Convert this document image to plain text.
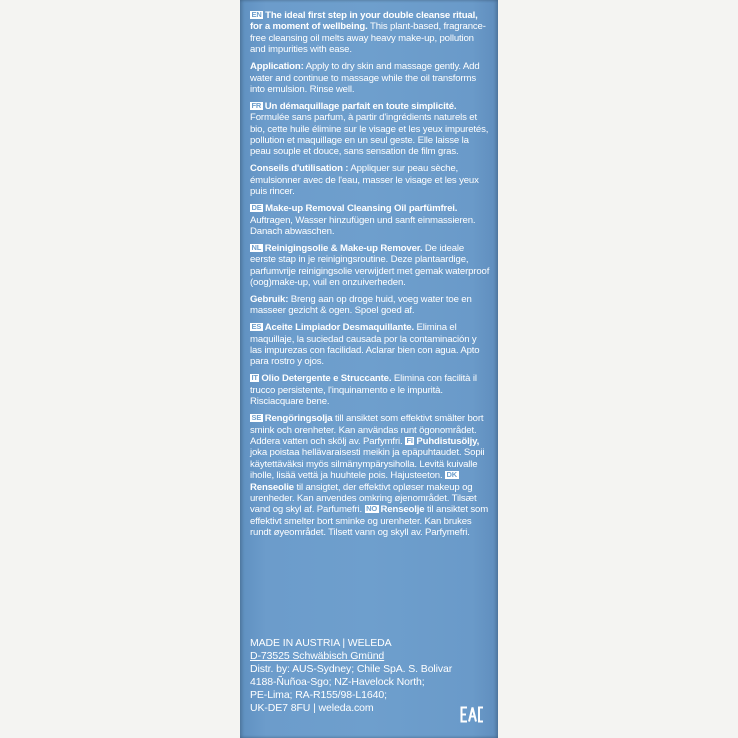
EN The ideal first step in your double cleanse ritual, for a moment of wellbeing. This plant-based, fragrance-free cleansing oil melts away heavy make-up, pollution and impurities with ease.

Application: Apply to dry skin and massage gently. Add water and continue to massage while the oil transforms into emulsion. Rinse well.

FR Un démaquillage parfait en toute simplicité. Formulée sans parfum, à partir d'ingrédients naturels et bio, cette huile élimine sur le visage et les yeux impuretés, pollution et maquillage en un seul geste. Elle laisse la peau souple et douce, sans sensation de film gras.

Conseils d'utilisation : Appliquer sur peau sèche, émulsionner avec de l'eau, masser le visage et les yeux puis rincer.

DE Make-up Removal Cleansing Oil parfümfrei. Auftragen, Wasser hinzufügen und sanft einmassieren. Danach abwaschen.

NL Reinigingsolie & Make-up Remover. De ideale eerste stap in je reinigingsroutine. Deze plantaardige, parfumvrije reinigingsolie verwijdert met gemak waterproof (oog)make-up, vuil en onzuiverheden.

Gebruik: Breng aan op droge huid, voeg water toe en masseer gezicht & ogen. Spoel goed af.

ES Aceite Limpiador Desmaquillante. Elimina el maquillaje, la suciedad causada por la contaminación y las impurezas con facilidad. Aclarar bien con agua. Apto para rostro y ojos.

IT Olio Detergente e Struccante. Elimina con facilità il trucco persistente, l'inquinamento e le impurità. Risciacquare bene.

SE Rengöringsolja till ansiktet som effektivt smälter bort smink och orenheter. Kan användas runt ögonområdet. Addera vatten och skölj av. Parfymfri. FI Puhdistusöljy, joka poistaa hellävaraisesti meikin ja epäpuhtaudet. Sopii käytettäväksi myös silmänympärysiholla. Levitä kuivalle iholle, lisää vettä ja huuhtele pois. Hajusteeton. DKRenseolie til ansigtet, der effektivt opløser makeup og urenheder. Kan anvendes omkring øjenområdet. Tilsæt vand og skyl af. Parfumefri. NO Renseolje til ansiktet som effektivt smelter bort sminke og urenheter. Kan brukes rundt øyeområdet. Tilsett vann og skyll av. Parfymefri.

MADE IN AUSTRIA | WELEDA
D-73525 Schwäbisch Gmünd
Distr. by: AUS-Sydney; Chile SpA. S. Bolivar
4188-Ñuñoa-Sgo; NZ-Havelock North;
PE-Lima; RA-R155/98-L1640;
UK-DE7 8FU | weleda.com
